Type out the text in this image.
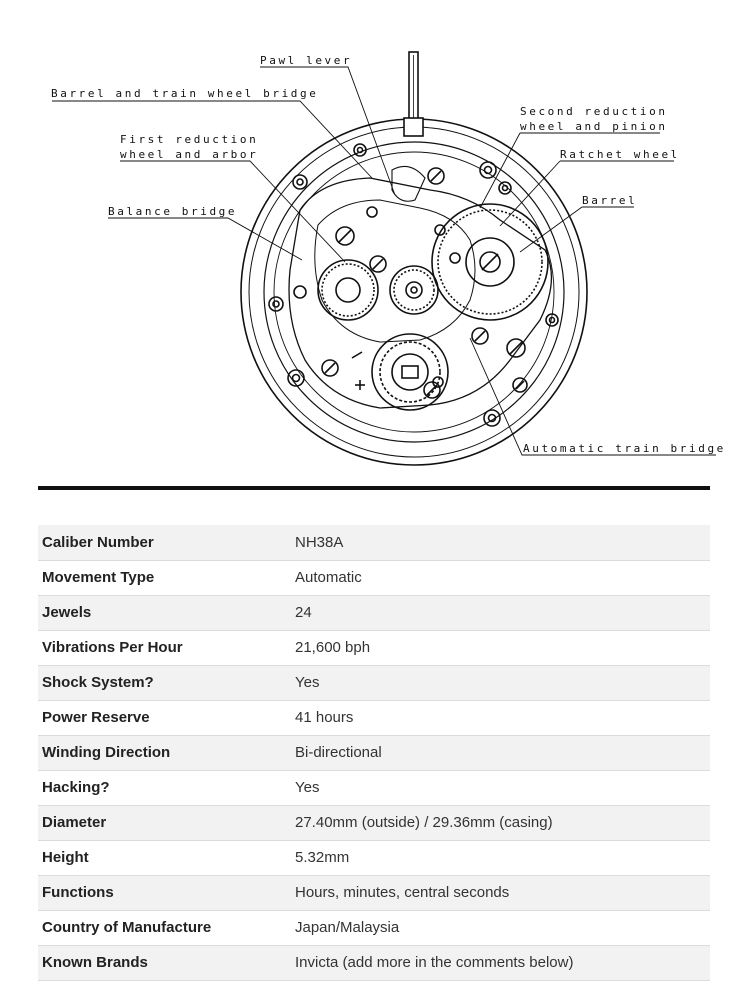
Pawl lever
Barrel and train wheel bridge
First reduction
wheel and arbor
Balance bridge
Second reduction
wheel and pinion
Ratchet wheel
Barrel
Automatic train bridge
Caliber Number	NH38A
Movement Type	Automatic
Jewels	24
Vibrations Per Hour	21,600 bph
Shock System?	Yes
Power Reserve	41 hours
Winding Direction	Bi-directional
Hacking?	Yes
Diameter	27.40mm (outside) / 29.36mm (casing)
Height	5.32mm
Functions	Hours, minutes, central seconds
Country of Manufacture	Japan/Malaysia
Known Brands	Invicta (add more in the comments below)
